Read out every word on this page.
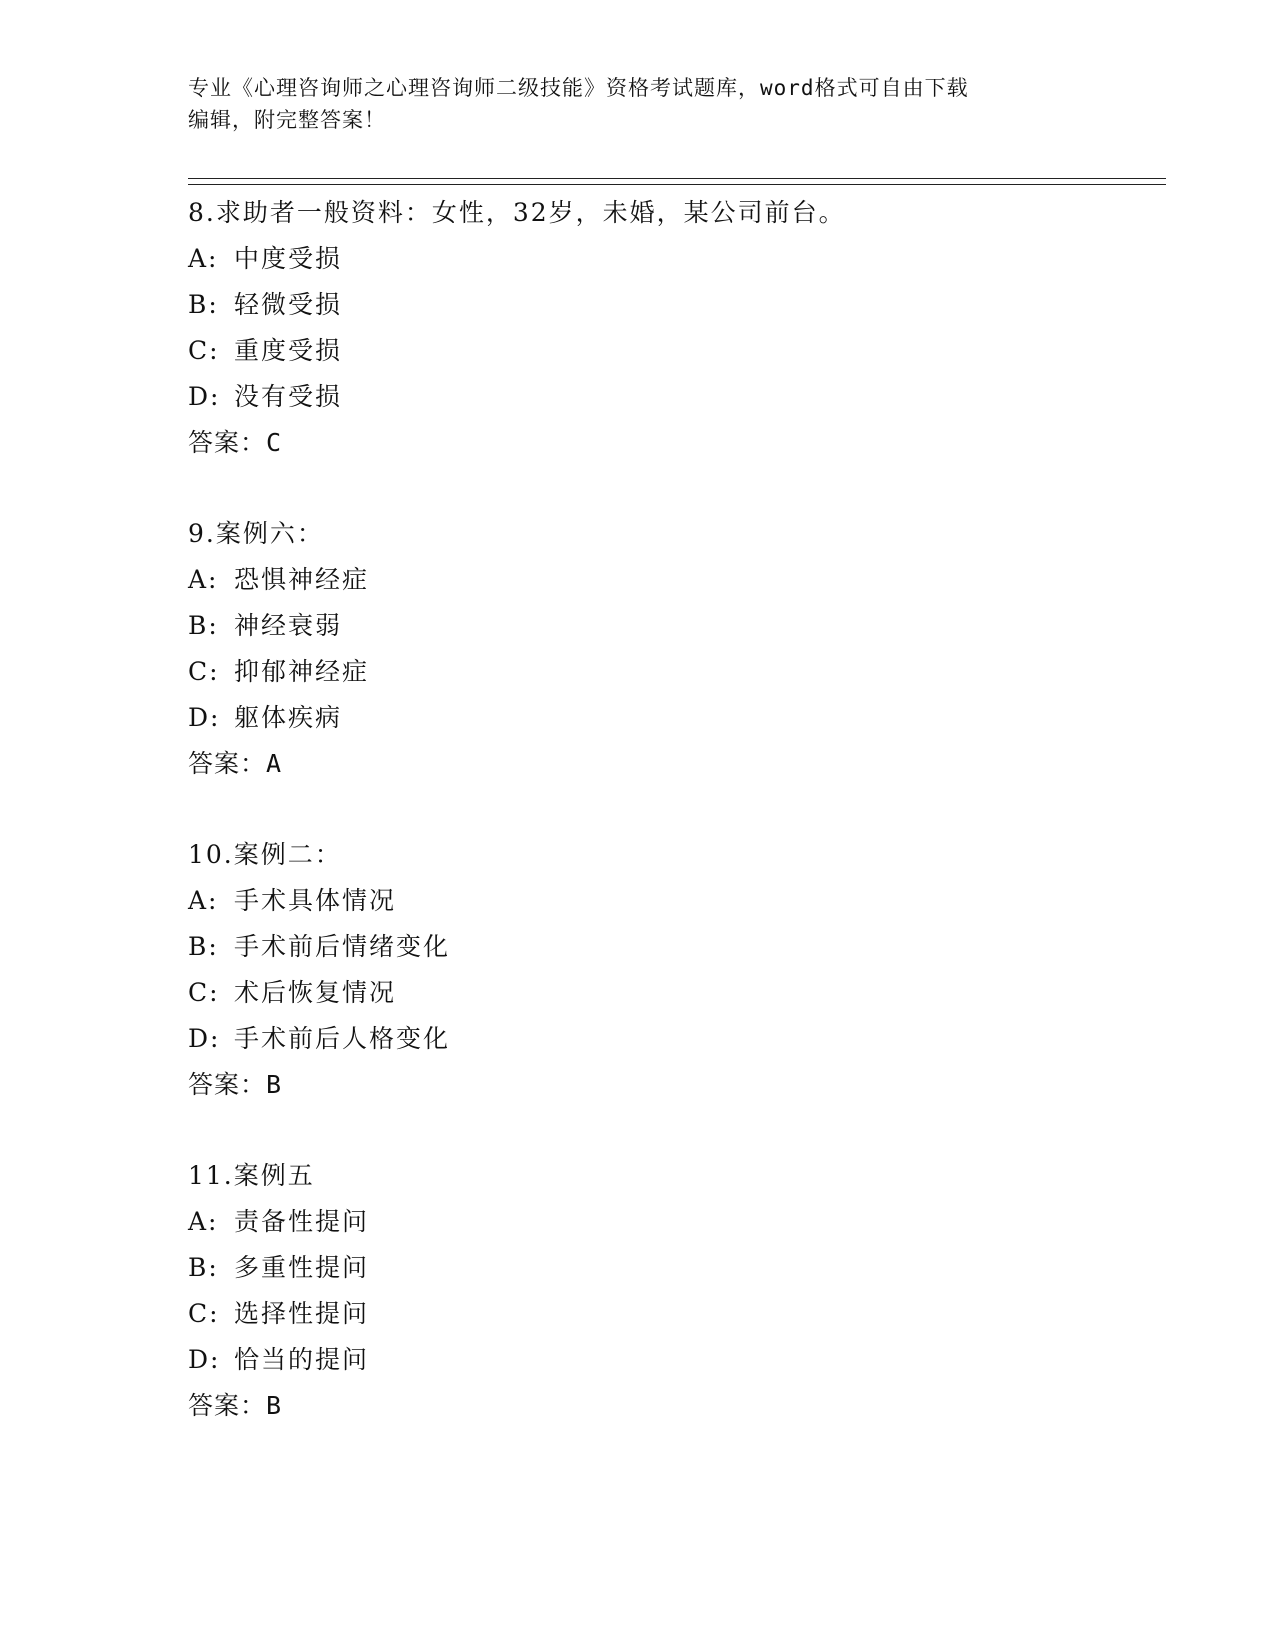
专业《心理咨询师之心理咨询师二级技能》资格考试题库，word格式可自由下载
编辑，附完整答案！
8.求助者一般资料：女性，32岁，未婚，某公司前台。
A: 中度受损
B: 轻微受损
C: 重度受损
D: 没有受损
答案：C
9.案例六：
A: 恐惧神经症
B: 神经衰弱
C: 抑郁神经症
D: 躯体疾病
答案：A
10.案例二：
A: 手术具体情况
B: 手术前后情绪变化
C: 术后恢复情况
D: 手术前后人格变化
答案：B
11.案例五
A: 责备性提问
B: 多重性提问
C: 选择性提问
D: 恰当的提问
答案：B
